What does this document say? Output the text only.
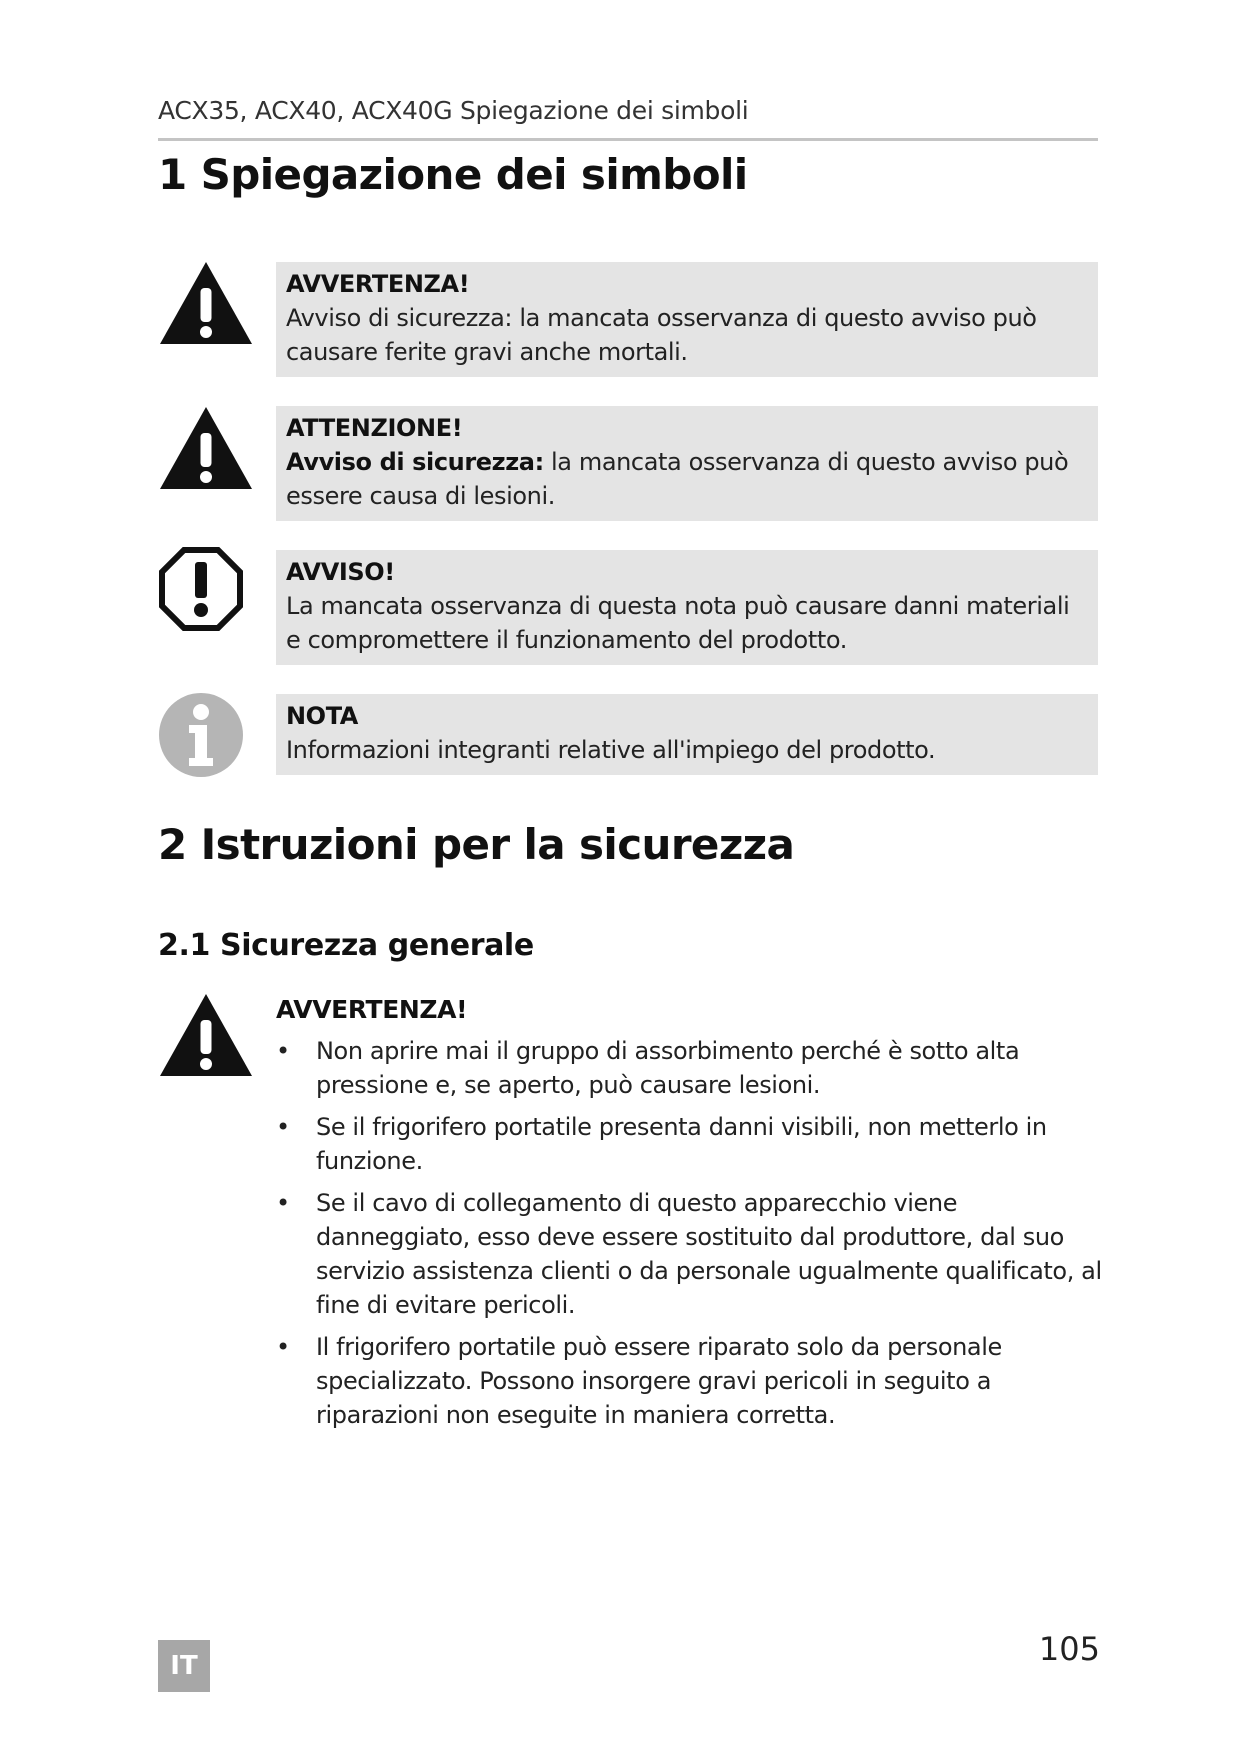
ACX35, ACX40, ACX40G Spiegazione dei simboli
1 Spiegazione dei simboli
AVVERTENZA!
Avviso di sicurezza: la mancata osservanza di questo avviso può causare ferite gravi anche mortali.
ATTENZIONE!
Avviso di sicurezza: la mancata osservanza di questo avviso può essere causa di lesioni.
AVVISO!
La mancata osservanza di questa nota può causare danni materiali e compromettere il funzionamento del prodotto.
NOTA
Informazioni integranti relative all'impiego del prodotto.
2 Istruzioni per la sicurezza
2.1 Sicurezza generale
AVVERTENZA!
• Non aprire mai il gruppo di assorbimento perché è sotto alta pressione e, se aperto, può causare lesioni.
• Se il frigorifero portatile presenta danni visibili, non metterlo in funzione.
• Se il cavo di collegamento di questo apparecchio viene danneggiato, esso deve essere sostituito dal produttore, dal suo servizio assistenza clienti o da personale ugualmente qualificato, al fine di evitare pericoli.
• Il frigorifero portatile può essere riparato solo da personale specializzato. Possono insorgere gravi pericoli in seguito a riparazioni non eseguite in maniera corretta.
IT	105
